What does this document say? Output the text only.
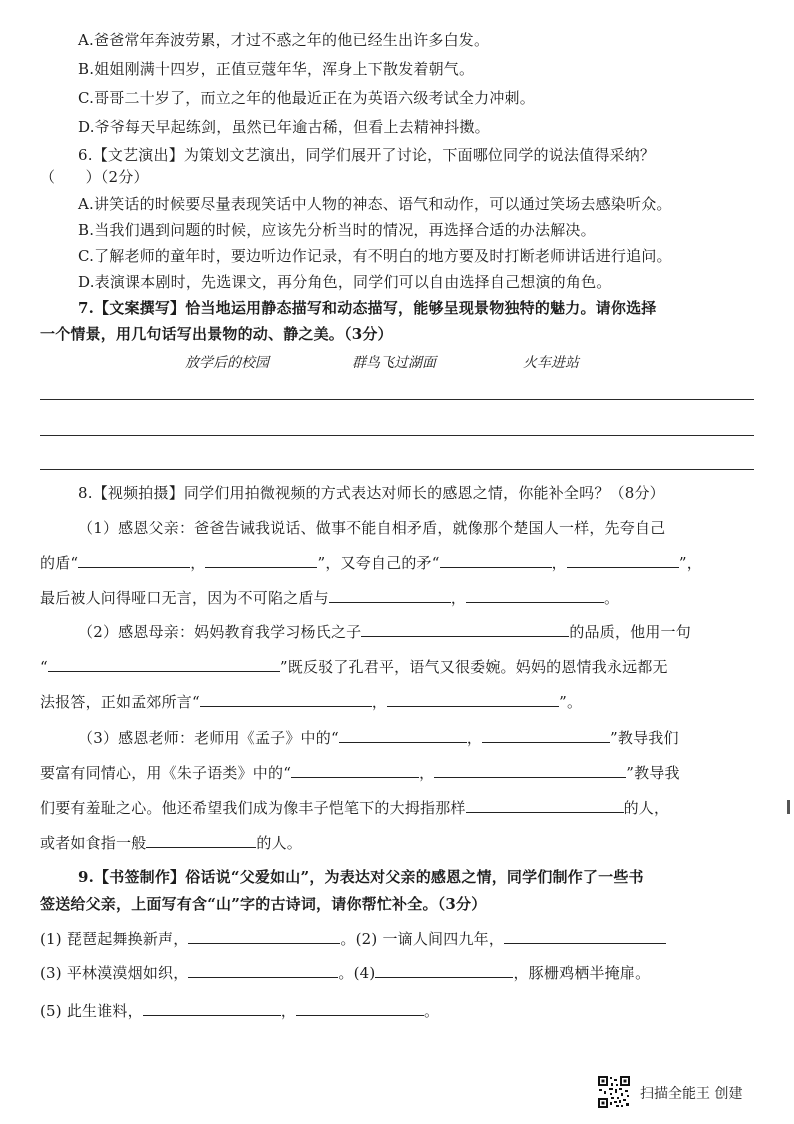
A.爸爸常年奔波劳累，才过不惑之年的他已经生出许多白发。
B.姐姐刚满十四岁，正值豆蔻年华，浑身上下散发着朝气。
C.哥哥二十岁了，而立之年的他最近正在为英语六级考试全力冲刺。
D.爷爷每天早起练剑，虽然已年逾古稀，但看上去精神抖擞。
6.【文艺演出】为策划文艺演出，同学们展开了讨论，下面哪位同学的说法值得采纳？
（　　）（2分）
A.讲笑话的时候要尽量表现笑话中人物的神态、语气和动作，可以通过笑场去感染听众。
B.当我们遇到问题的时候，应该先分析当时的情况，再选择合适的办法解决。
C.了解老师的童年时，要边听边作记录，有不明白的地方要及时打断老师讲话进行追问。
D.表演课本剧时，先选课文，再分角色，同学们可以自由选择自己想演的角色。
7.【文案撰写】恰当地运用静态描写和动态描写，能够呈现景物独特的魅力。请你选择
一个情景，用几句话写出景物的动、静之美。（3分）
放学后的校园	群鸟飞过湖面	火车进站
8.【视频拍摄】同学们用拍微视频的方式表达对师长的感恩之情，你能补全吗？（8分）
（1）感恩父亲：爸爸告诫我说话、做事不能自相矛盾，就像那个楚国人一样，先夸自己
的盾“	，	”，又夸自己的矛“	，	”，
最后被人问得哑口无言，因为不可陷之盾与	，	。
（2）感恩母亲：妈妈教育我学习杨氏之子	的品质，他用一句
“	”既反驳了孔君平，语气又很委婉。妈妈的恩情我永远都无
法报答，正如孟郊所言“	，	”。
（3）感恩老师：老师用《孟子》中的“	，	”教导我们
要富有同情心，用《朱子语类》中的“	，	”教导我
们要有羞耻之心。他还希望我们成为像丰子恺笔下的大拇指那样	的人，
或者如食指一般	的人。
9.【书签制作】俗话说“父爱如山”，为表达对父亲的感恩之情，同学们制作了一些书
签送给父亲，上面写有含“山”字的古诗词，请你帮忙补全。（3分）
(1) 琵琶起舞换新声，	。(2) 一谪人间四九年，
(3) 平林漠漠烟如织，	。(4)	，豚栅鸡栖半掩扉。
(5) 此生谁料，	，	。
扫描全能王 创建
